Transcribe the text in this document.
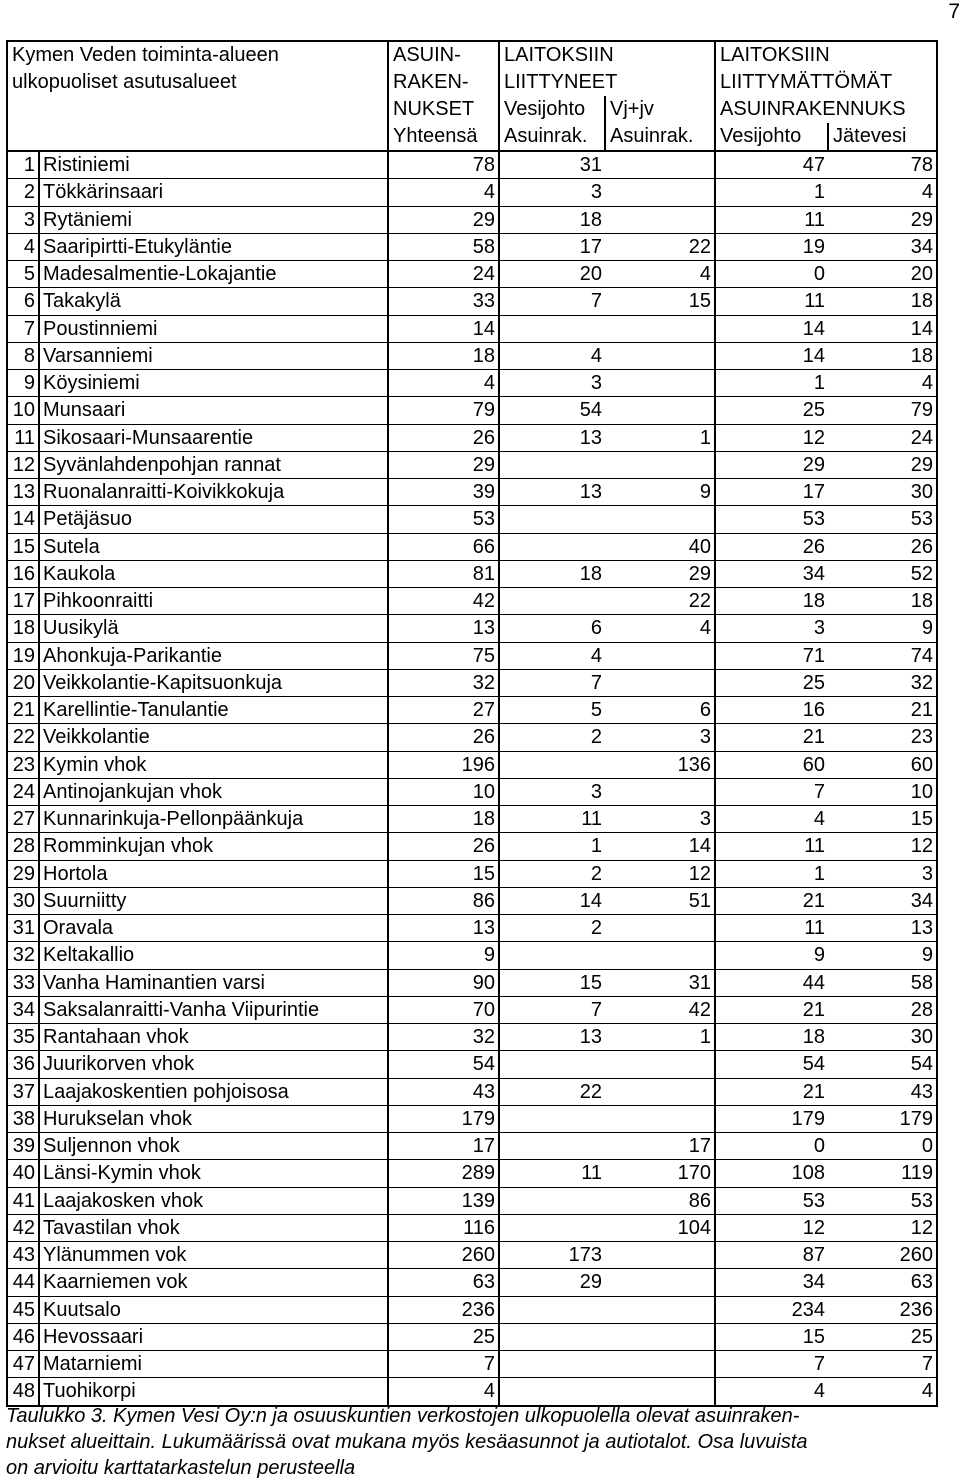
7
Kymen Veden toiminta-alueen		ASUIN-	LAITOKSIIN		LAITOKSIIN	
ulkopuoliset asutusalueet		RAKEN-	LIITTYNEET		LIITTYMÄTTÖMÄT	
		NUKSET	Vesijohto	Vj+jv	ASUINRAKENNUKS	
		Yhteensä	Asuinrak.	Asuinrak.	Vesijohto	Jätevesi
1	Ristiniemi	78	31		47	78
2	Tökkärinsaari	4	3		1	4
3	Rytäniemi	29	18		11	29
4	Saaripirtti-Etukyläntie	58	17	22	19	34
5	Madesalmentie-Lokajantie	24	20	4	0	20
6	Takakylä	33	7	15	11	18
7	Poustinniemi	14			14	14
8	Varsanniemi	18	4		14	18
9	Köysiniemi	4	3		1	4
10	Munsaari	79	54		25	79
11	Sikosaari-Munsaarentie	26	13	1	12	24
12	Syvänlahdenpohjan rannat	29			29	29
13	Ruonalanraitti-Koivikkokuja	39	13	9	17	30
14	Petäjäsuo	53			53	53
15	Sutela	66		40	26	26
16	Kaukola	81	18	29	34	52
17	Pihkoonraitti	42		22	18	18
18	Uusikylä	13	6	4	3	9
19	Ahonkuja-Parikantie	75	4		71	74
20	Veikkolantie-Kapitsuonkuja	32	7		25	32
21	Karellintie-Tanulantie	27	5	6	16	21
22	Veikkolantie	26	2	3	21	23
23	Kymin vhok	196		136	60	60
24	Antinojankujan vhok	10	3		7	10
27	Kunnarinkuja-Pellonpäänkuja	18	11	3	4	15
28	Romminkujan vhok	26	1	14	11	12
29	Hortola	15	2	12	1	3
30	Suurniitty	86	14	51	21	34
31	Oravala	13	2		11	13
32	Keltakallio	9			9	9
33	Vanha Haminantien varsi	90	15	31	44	58
34	Saksalanraitti-Vanha Viipurintie	70	7	42	21	28
35	Rantahaan vhok	32	13	1	18	30
36	Juurikorven vhok	54			54	54
37	Laajakoskentien pohjoisosa	43	22		21	43
38	Hurukselan vhok	179			179	179
39	Suljennon vhok	17		17	0	0
40	Länsi-Kymin vhok	289	11	170	108	119
41	Laajakosken vhok	139		86	53	53
42	Tavastilan vhok	116		104	12	12
43	Ylänummen vok	260	173		87	260
44	Kaarniemen vok	63	29		34	63
45	Kuutsalo	236			234	236
46	Hevossaari	25			15	25
47	Matarniemi	7			7	7
48	Tuohikorpi	4			4	4

Taulukko 3. Kymen Vesi Oy:n ja osuuskuntien verkostojen ulkopuolella olevat asuinraken-

nukset alueittain. Lukumäärissä ovat mukana myös kesäasunnot ja autiotalot. Osa luvuista

on arvioitu karttatarkastelun perusteella
